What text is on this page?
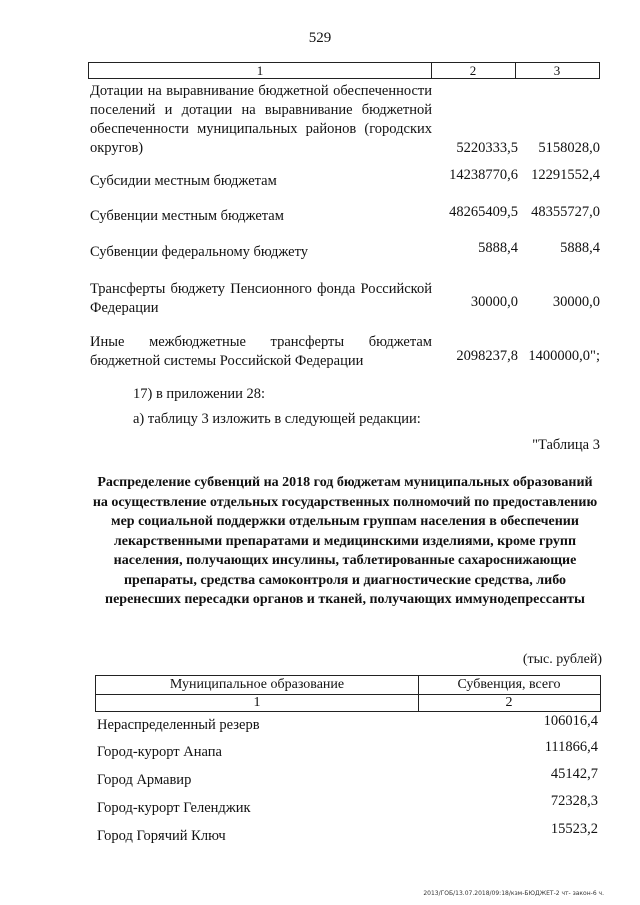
529
1	2	3
Дотации на выравнивание бюджетной обеспеченности поселений и дотации на выравнивание бюджетной обеспеченности муниципальных районов (городских округов)	5220333,5	5158028,0
Субсидии местным бюджетам	14238770,6 12291552,4
Субвенции местным бюджетам	48265409,5 48355727,0
Субвенции федеральному бюджету	5888,4	5888,4
Трансферты бюджету Пенсионного фонда Российской Федерации	30000,0	30000,0
Иные межбюджетные трансферты бюджетам бюджетной системы Российской Федерации	2098237,8 1400000,0";
17) в приложении 28:
а) таблицу 3 изложить в следующей редакции:
"Таблица 3
Распределение субвенций на 2018 год бюджетам муниципальных образований на осуществление отдельных государственных полномочий по предоставлению мер социальной поддержки отдельным группам населения в обеспечении лекарственными препаратами и медицинскими изделиями, кроме групп населения, получающих инсулины, таблетированные сахароснижающие препараты, средства самоконтроля и диагностические средства, либо перенесших пересадки органов и тканей, получающих иммунодепрессанты
(тыс. рублей)
Муниципальное образование	Субвенция, всего
1	2
Нераспределенный резерв	106016,4
Город-курорт Анапа	111866,4
Город Армавир	45142,7
Город-курорт Геленджик	72328,3
Город Горячий Ключ	15523,2
2013/ГОБ/13.07.2018/09:18/кзм-БЮДЖЕТ-2 чт- закон-6 ч.
